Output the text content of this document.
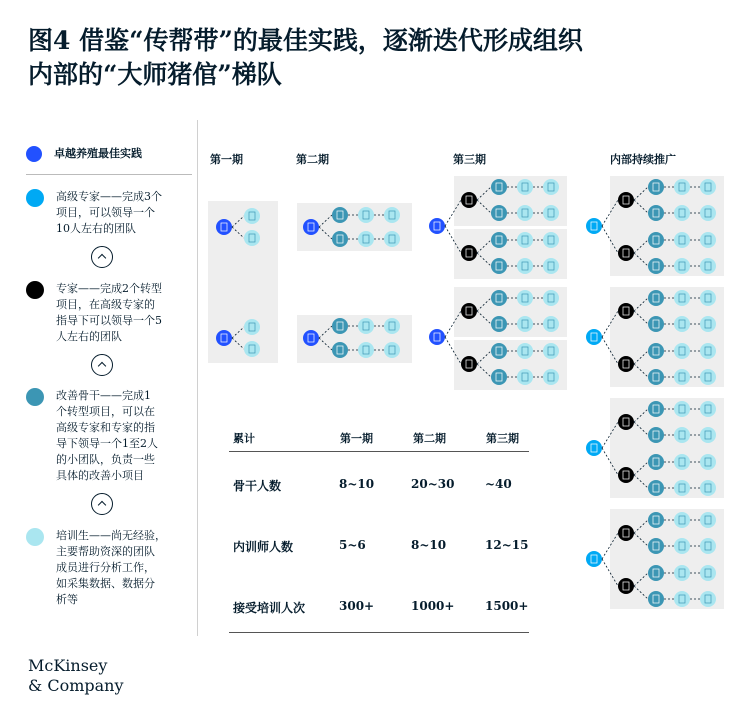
图4 借鉴“传帮带”的最佳实践，逐渐迭代形成组织
内部的“大师猪倌”梯队
卓越养殖最佳实践
高级专家——完成3个
项目，可以领导一个
10人左右的团队
专家——完成2个转型
项目，在高级专家的
指导下可以领导一个5
人左右的团队
改善骨干——完成1
个转型项目，可以在
高级专家和专家的指
导下领导一个1至2人
的小团队，负责一些
具体的改善小项目
培训生——尚无经验，
主要帮助资深的团队
成员进行分析工作，
如采集数据、数据分
析等
第一期	第二期	第三期	内部持续推广
累计	第一期	第二期	第三期
骨干人数	8~10	20~30	~40
内训师人数	5~6	8~10	12~15
接受培训人次	300+	1000+	1500+
McKinsey
& Company
